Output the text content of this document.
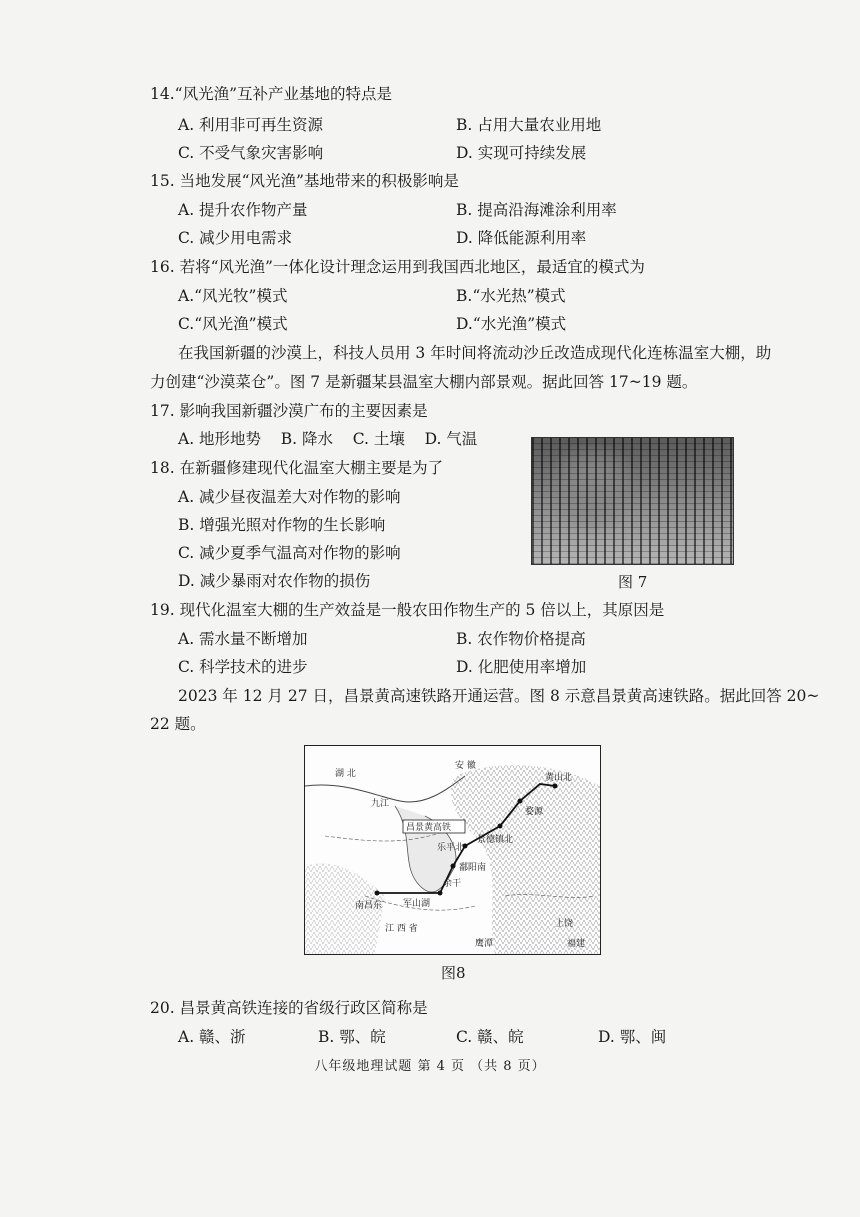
14.“风光渔”互补产业基地的特点是
A. 利用非可再生资源	B. 占用大量农业用地
C. 不受气象灾害影响	D. 实现可持续发展
15. 当地发展“风光渔”基地带来的积极影响是
A. 提升农作物产量	B. 提高沿海滩涂利用率
C. 减少用电需求	D. 降低能源利用率
16. 若将“风光渔”一体化设计理念运用到我国西北地区，最适宜的模式为
A.“风光牧”模式	B.“水光热”模式
C.“风光渔”模式	D.“水光渔”模式
在我国新疆的沙漠上，科技人员用 3 年时间将流动沙丘改造成现代化连栋温室大棚，助
力创建“沙漠菜仓”。图 7 是新疆某县温室大棚内部景观。据此回答 17~19 题。
17. 影响我国新疆沙漠广布的主要因素是
A. 地形地势    B. 降水    C. 土壤    D. 气温
18. 在新疆修建现代化温室大棚主要是为了
A. 减少昼夜温差大对作物的影响
B. 增强光照对作物的生长影响
C. 减少夏季气温高对作物的影响
D. 减少暴雨对农作物的损伤	图 7
19. 现代化温室大棚的生产效益是一般农田作物生产的 5 倍以上，其原因是
A. 需水量不断增加	B. 农作物价格提高
C. 科学技术的进步	D. 化肥使用率增加
2023 年 12 月 27 日，昌景黄高速铁路开通运营。图 8 示意昌景黄高速铁路。据此回答 20~
22 题。
湖 北
安 徽
九江
昌景黄高铁
乐平北
景德镇北
婺源
鄱阳南
余干
南昌东 军山湖
江 西 省
鹰潭
上饶
黄山北
福建
图8
20. 昌景黄高铁连接的省级行政区简称是
A. 赣、浙	B. 鄂、皖	C. 赣、皖	D. 鄂、闽
八年级地理试题 第 4 页 （共 8 页）
